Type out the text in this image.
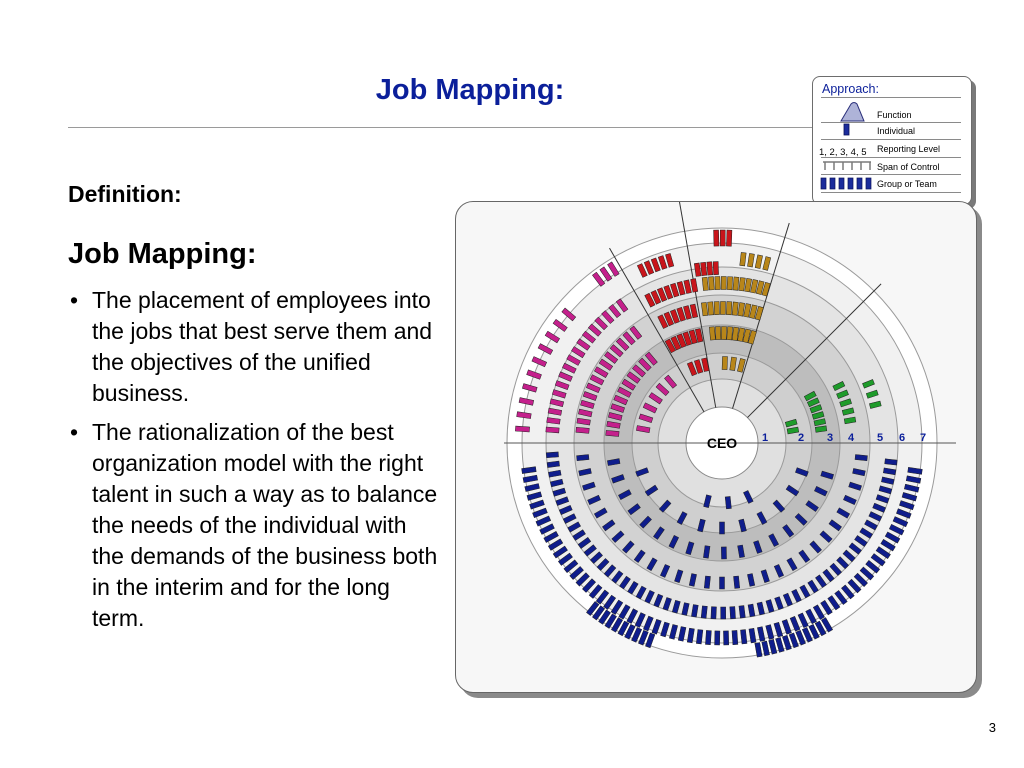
Job Mapping:
Definition:
Job Mapping:
• The placement of employees into the jobs that best serve them and the objectives of the unified business.
• The rationalization of the best organization model with the right talent in such a way as to balance the needs of the individual with the demands of the business both in the interim and for the long term.
Approach:
Function
Individual
1, 2, 3, 4, 5 Reporting Level
Span of Control
Group or Team
CEO 1	2 3 4 5 6 7
3
